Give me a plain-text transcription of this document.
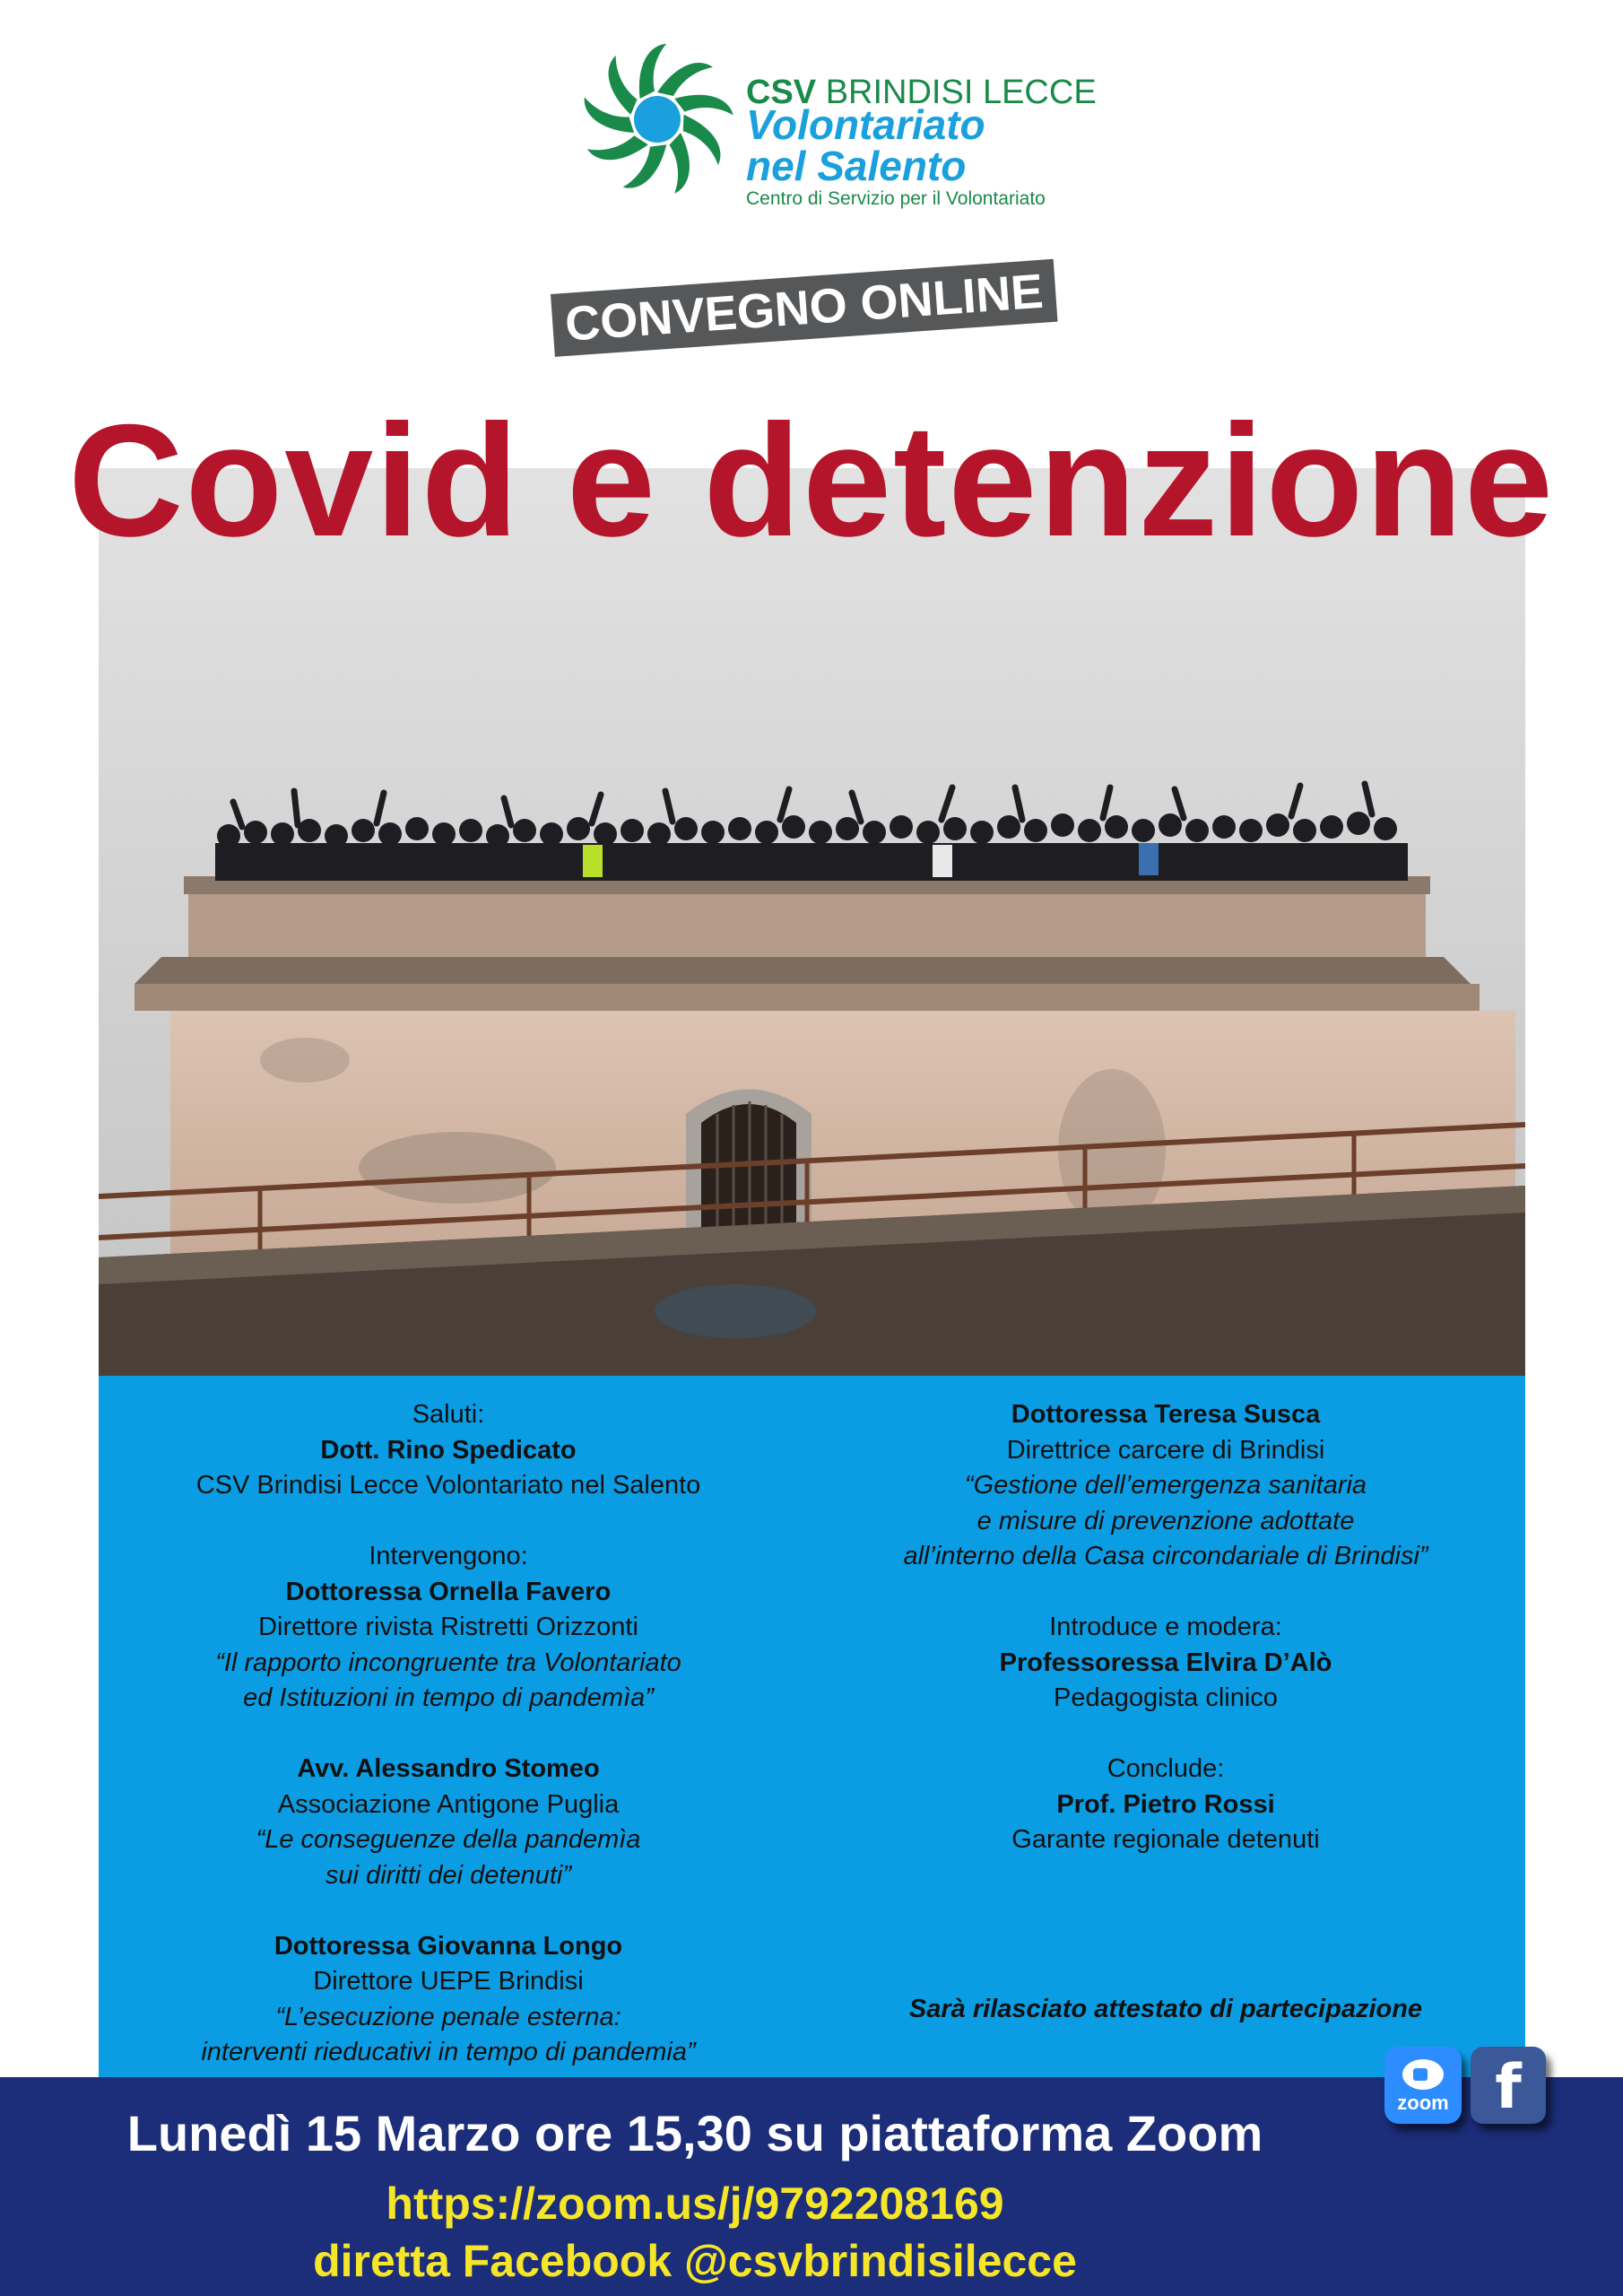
CSV BRINDISI LECCE
Volontariato
nel Salento
Centro di Servizio per il Volontariato
CONVEGNO ONLINE
Covid e detenzione

Saluti:

Dott. Rino Spedicato

CSV Brindisi Lecce Volontariato nel Salento

Intervengono:

Dottoressa Ornella Favero

Direttore rivista Ristretti Orizzonti

“Il rapporto incongruente tra Volontariato

ed Istituzioni in tempo di pandemìa”

Avv. Alessandro Stomeo

Associazione Antigone Puglia

“Le conseguenze della pandemìa

sui diritti dei detenuti”

Dottoressa Giovanna Longo

Direttore UEPE Brindisi

“L’esecuzione penale esterna:

interventi rieducativi in tempo di pandemia”

Dottoressa Teresa Susca

Direttrice carcere di Brindisi

“Gestione dell’emergenza sanitaria

e misure di prevenzione adottate

all’interno della Casa circondariale di Brindisi”

Introduce e modera:

Professoressa Elvira D’Alò

Pedagogista clinico

Conclude:

Prof. Pietro Rossi

Garante regionale detenuti

Sarà rilasciato attestato di partecipazione
Lunedì 15 Marzo ore 15,30 su piattaforma Zoom
https://zoom.us/j/9792208169
diretta Facebook @csvbrindisilecce
zoom f
